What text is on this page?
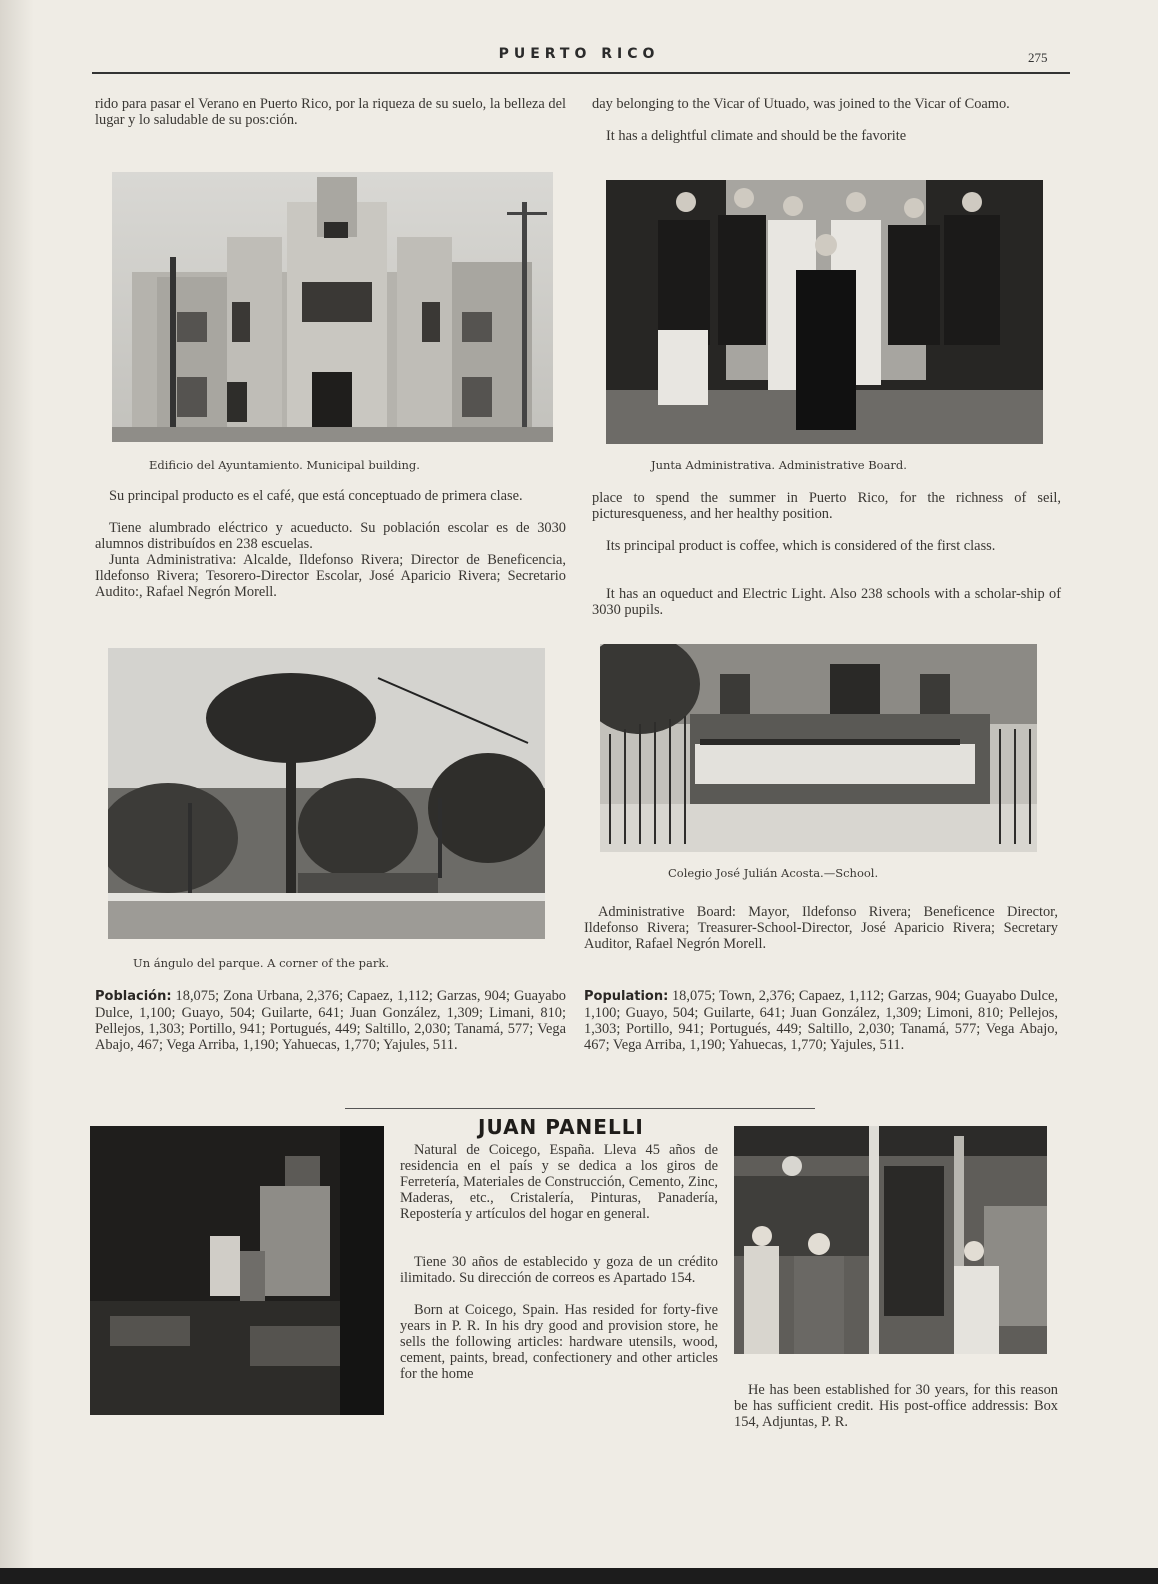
PUERTO RICO	275

rido para pasar el Verano en Puerto Rico, por la riqueza de su suelo, la belleza del lugar y lo saludable de su pos:ción.

Edificio del Ayuntamiento. Municipal building.

Su principal producto es el café, que está conceptuado de primera clase.

Tiene alumbrado eléctrico y acueducto. Su población escolar es de 3030 alumnos distribuídos en 238 escuelas.

Junta Administrativa: Alcalde, Ildefonso Rivera; Director de Beneficencia, Ildefonso Rivera; Tesorero-Director Escolar, José Aparicio Rivera; Secretario Audito:, Rafael Negrón Morell.

Un ángulo del parque. A corner of the park.

Población: 18,075; Zona Urbana, 2,376; Capaez, 1,112; Garzas, 904; Guayabo Dulce, 1,100; Guayo, 504; Guilarte, 641; Juan González, 1,309; Limani, 810; Pellejos, 1,303; Portillo, 941; Portugués, 449; Saltillo, 2,030; Tanamá, 577; Vega Abajo, 467; Vega Arriba, 1,190; Yahuecas, 1,770; Yajules, 511.

day belonging to the Vicar of Utuado, was joined to the Vicar of Coamo.

It has a delightful climate and should be the favorite

Junta Administrativa. Administrative Board.

place to spend the summer in Puerto Rico, for the richness of seil, picturesqueness, and her healthy position.

Its principal product is coffee, which is considered of the first class.

It has an oqueduct and Electric Light. Also 238 schools with a scholar-ship of 3030 pupils.

Colegio José Julián Acosta.—School.

Administrative Board: Mayor, Ildefonso Rivera; Beneficence Director, Ildefonso Rivera; Treasurer-School-Director, José Aparicio Rivera; Secretary Auditor, Rafael Negrón Morell.

Population: 18,075; Town, 2,376; Capaez, 1,112; Garzas, 904; Guayabo Dulce, 1,100; Guayo, 504; Guilarte, 641; Juan González, 1,309; Limoni, 810; Pellejos, 1,303; Portillo, 941; Portugués, 449; Saltillo, 2,030; Tanamá, 577; Vega Abajo, 467; Vega Arriba, 1,190; Yahuecas, 1,770; Yajules, 511.

JUAN PANELLI

Natural de Coicego, España. Lleva 45 años de residencia en el país y se dedica a los giros de Ferretería, Materiales de Construcción, Cemento, Zinc, Maderas, etc., Cristalería, Pinturas, Panadería, Repostería y artículos del hogar en general.

Tiene 30 años de establecido y goza de un crédito ilimitado. Su dirección de correos es Apartado 154.

Born at Coicego, Spain. Has resided for forty-five years in P. R. In his dry good and provision store, he sells the following articles: hardware utensils, wood, cement, paints, bread, confectionery and other articles for the home

He has been established for 30 years, for this reason be has sufficient credit. His post-office addressis: Box 154, Adjuntas, P. R.
